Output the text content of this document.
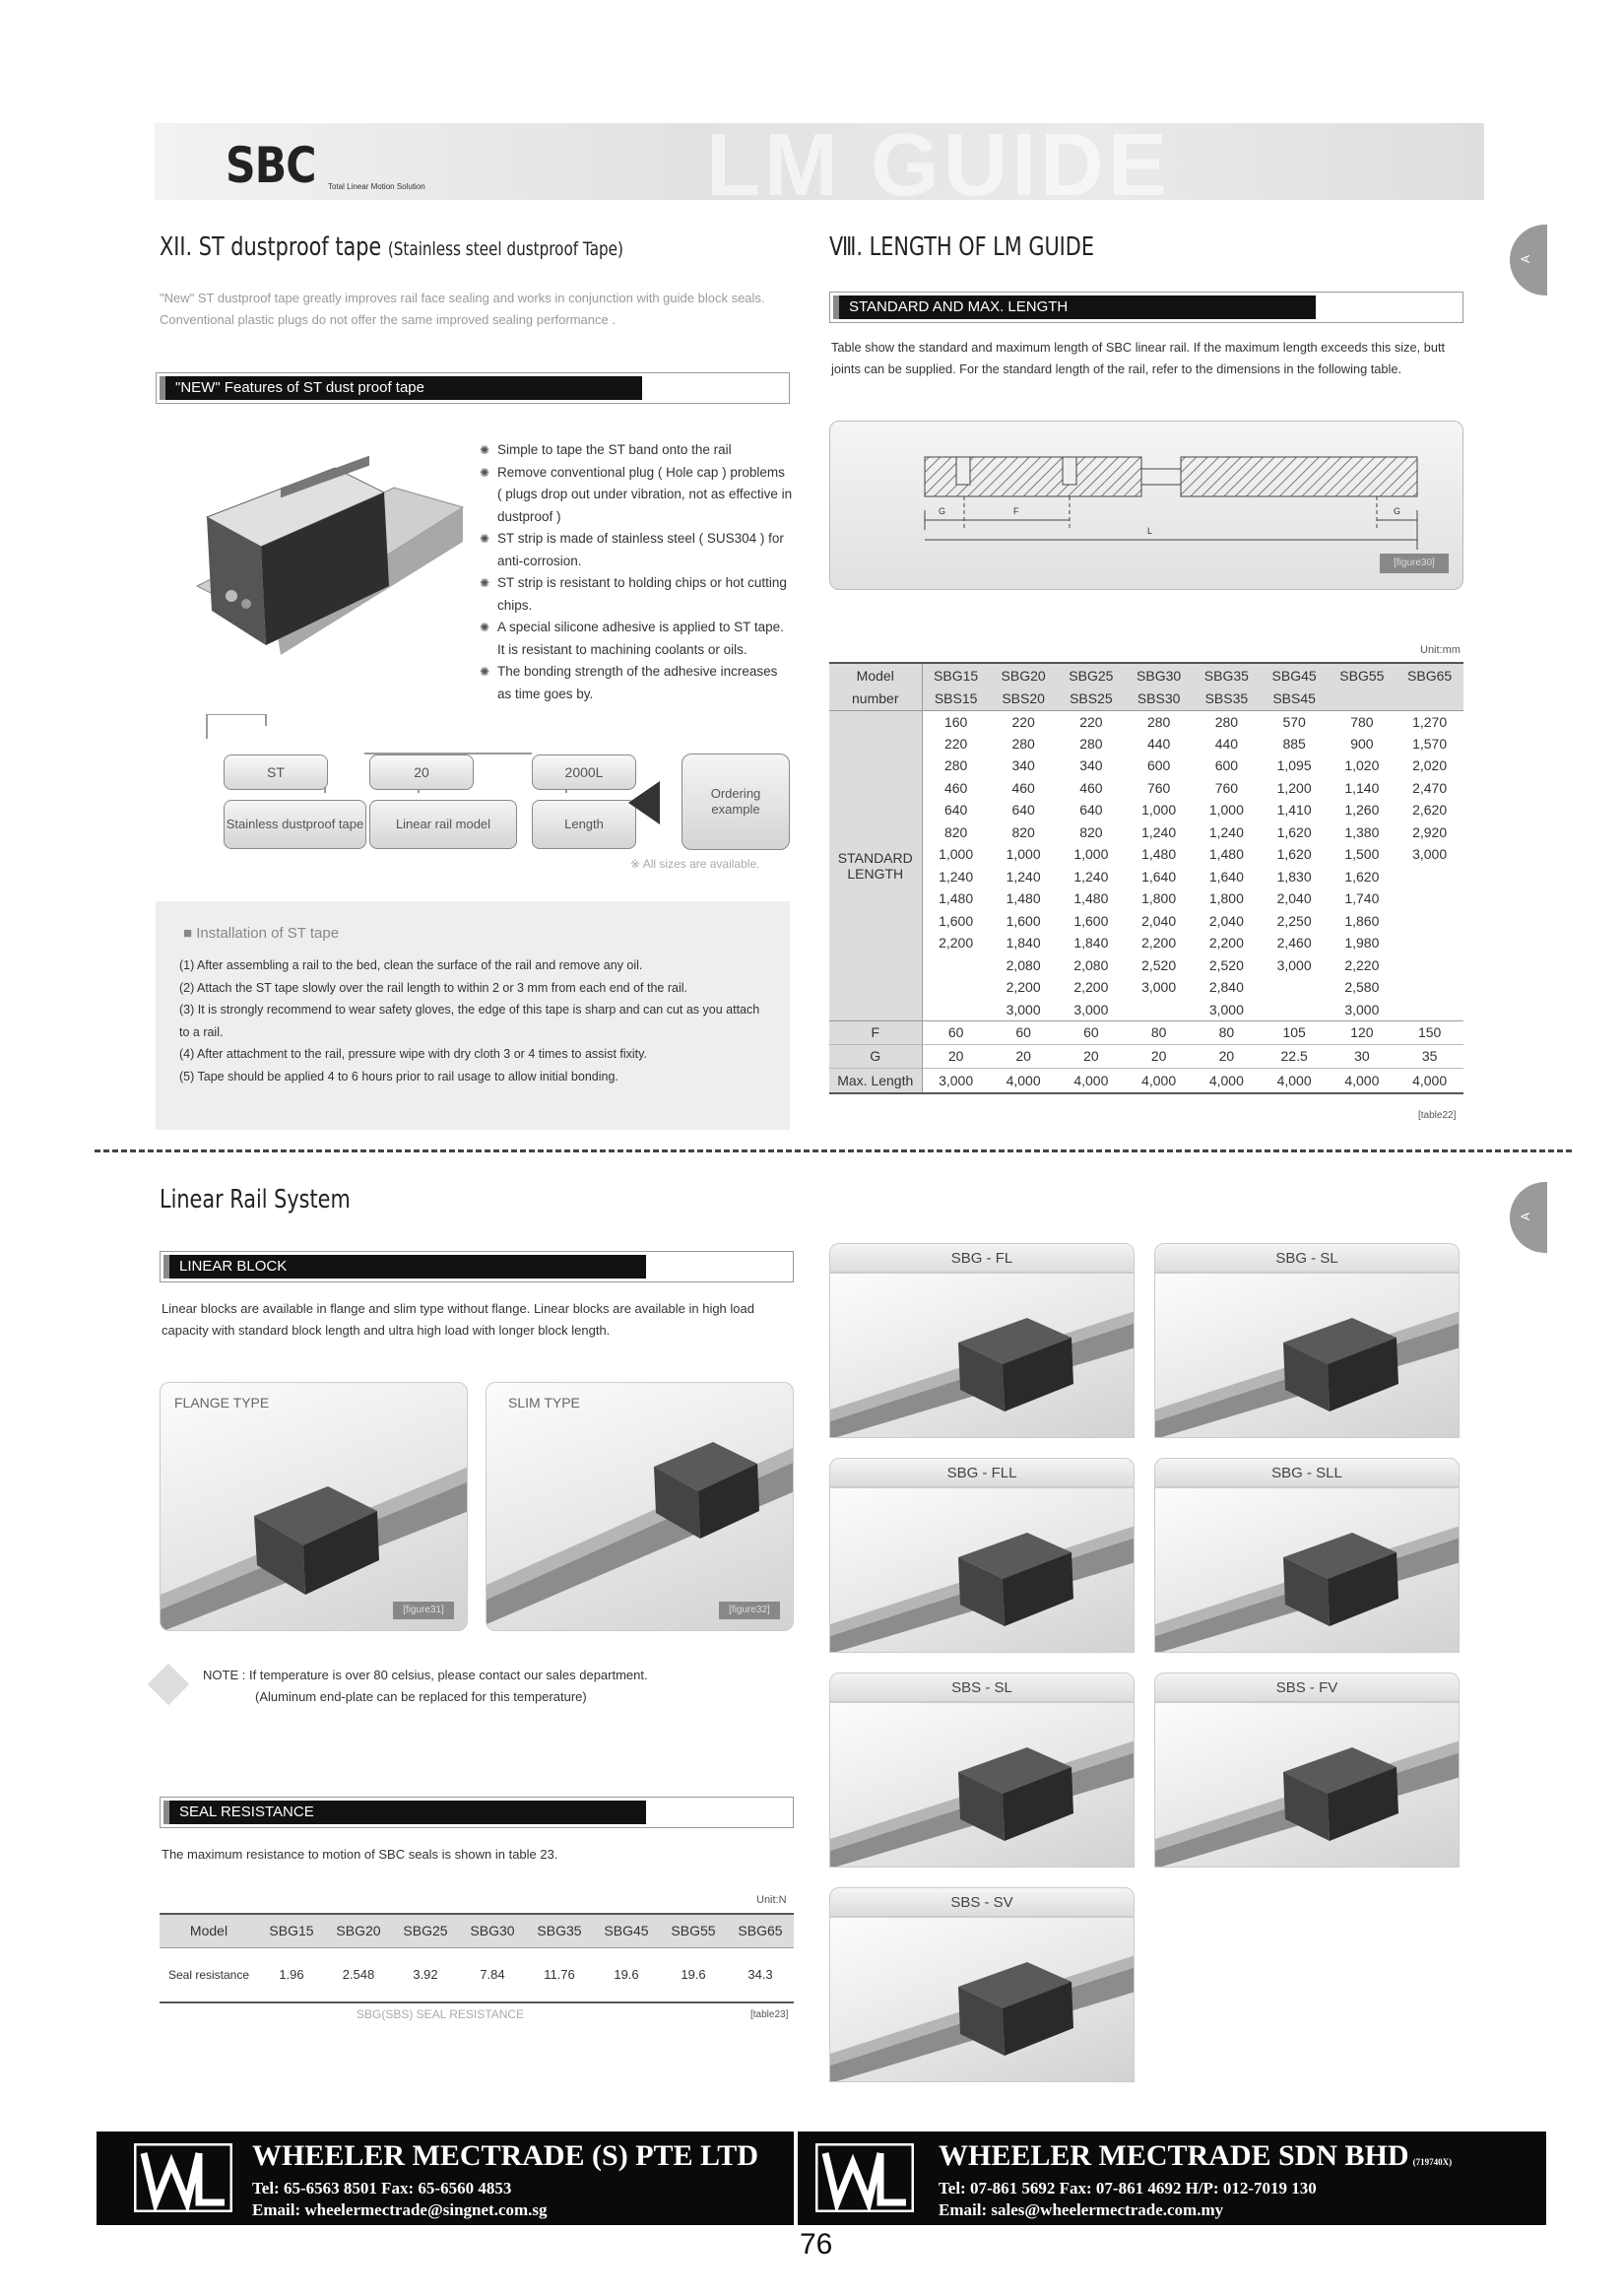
LM GUIDE
SBC Total Linear Motion Solution
A
A
XII. ST dustproof tape (Stainless steel dustproof Tape)
"New" ST dustproof tape greatly improves rail face sealing and works in conjunction with guide block seals. Conventional plastic plugs do not offer the same improved sealing performance .
"NEW" Features of ST dust proof tape
✺ Simple to tape the ST band onto the rail
✺ Remove conventional plug ( Hole cap ) problems ( plugs drop out under vibration, not as effective in dustproof )
✺ ST strip is made of stainless steel ( SUS304 ) for anti-corrosion.
✺ ST strip is resistant to holding chips or hot cutting chips.
✺ A special silicone adhesive is applied to ST tape. It is resistant to machining coolants or oils.
✺ The bonding strength of the adhesive increases as time goes by.
ST	20	2000L
Stainless dustproof tape	Linear rail model	Length
Ordering example
※ All sizes are available.
■ Installation of ST tape
(1) After assembling a rail to the bed, clean the surface of the rail and remove any oil.
(2) Attach the ST tape slowly over the rail length to within 2 or 3 mm from each end of the rail.
(3) It is strongly recommend to wear safety gloves, the edge of this tape is sharp and can cut as you attach to a rail.
(4) After attachment to the rail, pressure wipe with dry cloth 3 or 4 times to assist fixity.
(5) Tape should be applied 4 to 6 hours prior to rail usage to allow initial bonding.
Ⅷ. LENGTH OF LM GUIDE
STANDARD AND MAX. LENGTH
Table show the standard and maximum length of SBC linear rail. If the maximum length exceeds this size, butt joints can be supplied. For the standard length of the rail, refer to the dimensions in the following table.
G	F
L
G
[figure30]
Unit:mm
Model	SBG15	SBG20	SBG25	SBG30	SBG35	SBG45	SBG55	SBG65
number	SBS15	SBS20	SBS25	SBS30	SBS35	SBS45		

STANDARD
LENGTH	160	220	220	280	280	570	780	1,270
	220	280	280	440	440	885	900	1,570
	280	340	340	600	600	1,095	1,020	2,020
	460	460	460	760	760	1,200	1,140	2,470
	640	640	640	1,000	1,000	1,410	1,260	2,620
	820	820	820	1,240	1,240	1,620	1,380	2,920
	1,000	1,000	1,000	1,480	1,480	1,620	1,500	3,000
	1,240	1,240	1,240	1,640	1,640	1,830	1,620	
	1,480	1,480	1,480	1,800	1,800	2,040	1,740	
	1,600	1,600	1,600	2,040	2,040	2,250	1,860	
	2,200	1,840	1,840	2,200	2,200	2,460	1,980	
		2,080	2,080	2,520	2,520	3,000	2,220	
		2,200	2,200	3,000	2,840		2,580	
		3,000	3,000		3,000		3,000	
F	60	60	60	80	80	105	120	150
G	20	20	20	20	20	22.5	30	35
Max. Length	3,000	4,000	4,000	4,000	4,000	4,000	4,000	4,000
[table22]
Linear Rail System
LINEAR BLOCK
Linear blocks are available in flange and slim type without flange. Linear blocks are available in high load capacity with standard block length and ultra high load with longer block length.
FLANGE TYPE
[figure31]
SLIM TYPE
[figure32]
NOTE : If temperature is over 80 celsius, please contact our sales department.
(Aluminum end-plate can be replaced for this temperature)
SEAL RESISTANCE
The maximum resistance to motion of SBC seals is shown in table 23.
Unit:N
Model	SBG15	SBG20	SBG25	SBG30	SBG35	SBG45	SBG55	SBG65
Seal resistance	1.96	2.548	3.92	7.84	11.76	19.6	19.6	34.3
SBG(SBS) SEAL RESISTANCE	[table23]
SBG - FL	SBG - SL
SBG - FLL	SBG - SLL
SBS - SL	SBS - FV
SBS - SV
WHEELER MECTRADE (S) PTE LTD
Tel: 65-6563 8501 Fax: 65-6560 4853
Email: wheelermectrade@singnet.com.sg
WHEELER MECTRADE SDN BHD (719740X)
Tel: 07-861 5692 Fax: 07-861 4692 H/P: 012-7019 130
Email: sales@wheelermectrade.com.my
76
